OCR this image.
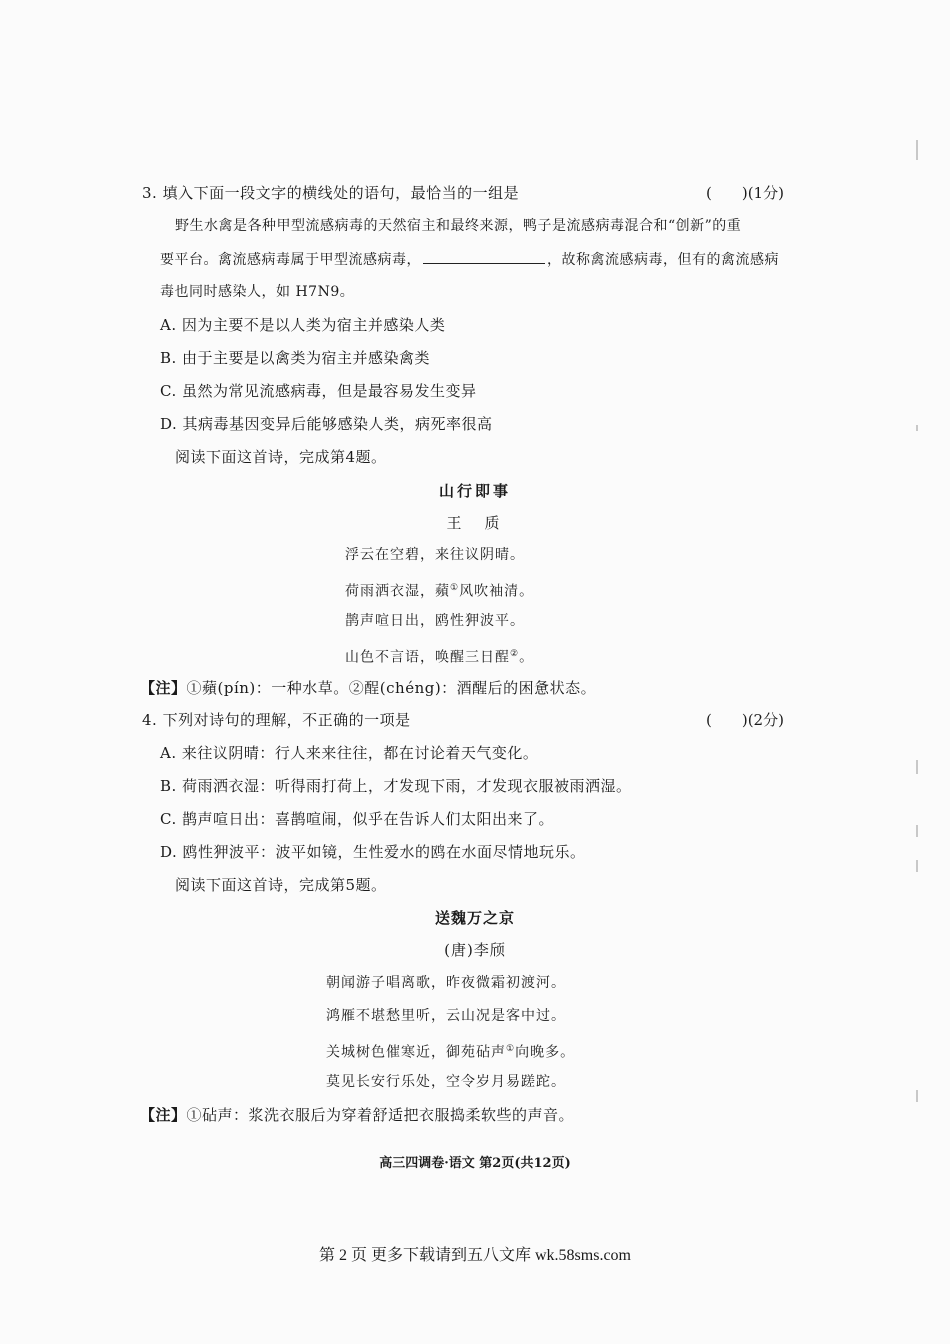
3. 填入下面一段文字的横线处的语句，最恰当的一组是	(　　)(1分)
野生水禽是各种甲型流感病毒的天然宿主和最终来源，鸭子是流感病毒混合和“创新”的重
要平台。禽流感病毒属于甲型流感病毒，	，故称禽流感病毒，但有的禽流感病
毒也同时感染人，如 H7N9。
A. 因为主要不是以人类为宿主并感染人类
B. 由于主要是以禽类为宿主并感染禽类
C. 虽然为常见流感病毒，但是最容易发生变异
D. 其病毒基因变异后能够感染人类，病死率很高
阅读下面这首诗，完成第4题。
山行即事
王　质
浮云在空碧，来往议阴晴。
荷雨洒衣湿，蘋①风吹袖清。
鹊声喧日出，鸥性狎波平。
山色不言语，唤醒三日酲②。
【注】①蘋(pín)：一种水草。②酲(chéng)：酒醒后的困惫状态。
4. 下列对诗句的理解，不正确的一项是	(　　)(2分)
A. 来往议阴晴：行人来来往往，都在讨论着天气变化。
B. 荷雨洒衣湿：听得雨打荷上，才发现下雨，才发现衣服被雨洒湿。
C. 鹊声喧日出：喜鹊喧闹，似乎在告诉人们太阳出来了。
D. 鸥性狎波平：波平如镜，生性爱水的鸥在水面尽情地玩乐。
阅读下面这首诗，完成第5题。
送魏万之京
(唐)李颀
朝闻游子唱离歌，昨夜微霜初渡河。
鸿雁不堪愁里听，云山况是客中过。
关城树色催寒近，御苑砧声①向晚多。
莫见长安行乐处，空令岁月易蹉跎。
【注】①砧声：浆洗衣服后为穿着舒适把衣服捣柔软些的声音。
高三四调卷·语文 第2页(共12页)
第 2 页 更多下载请到五八文库 wk.58sms.com
